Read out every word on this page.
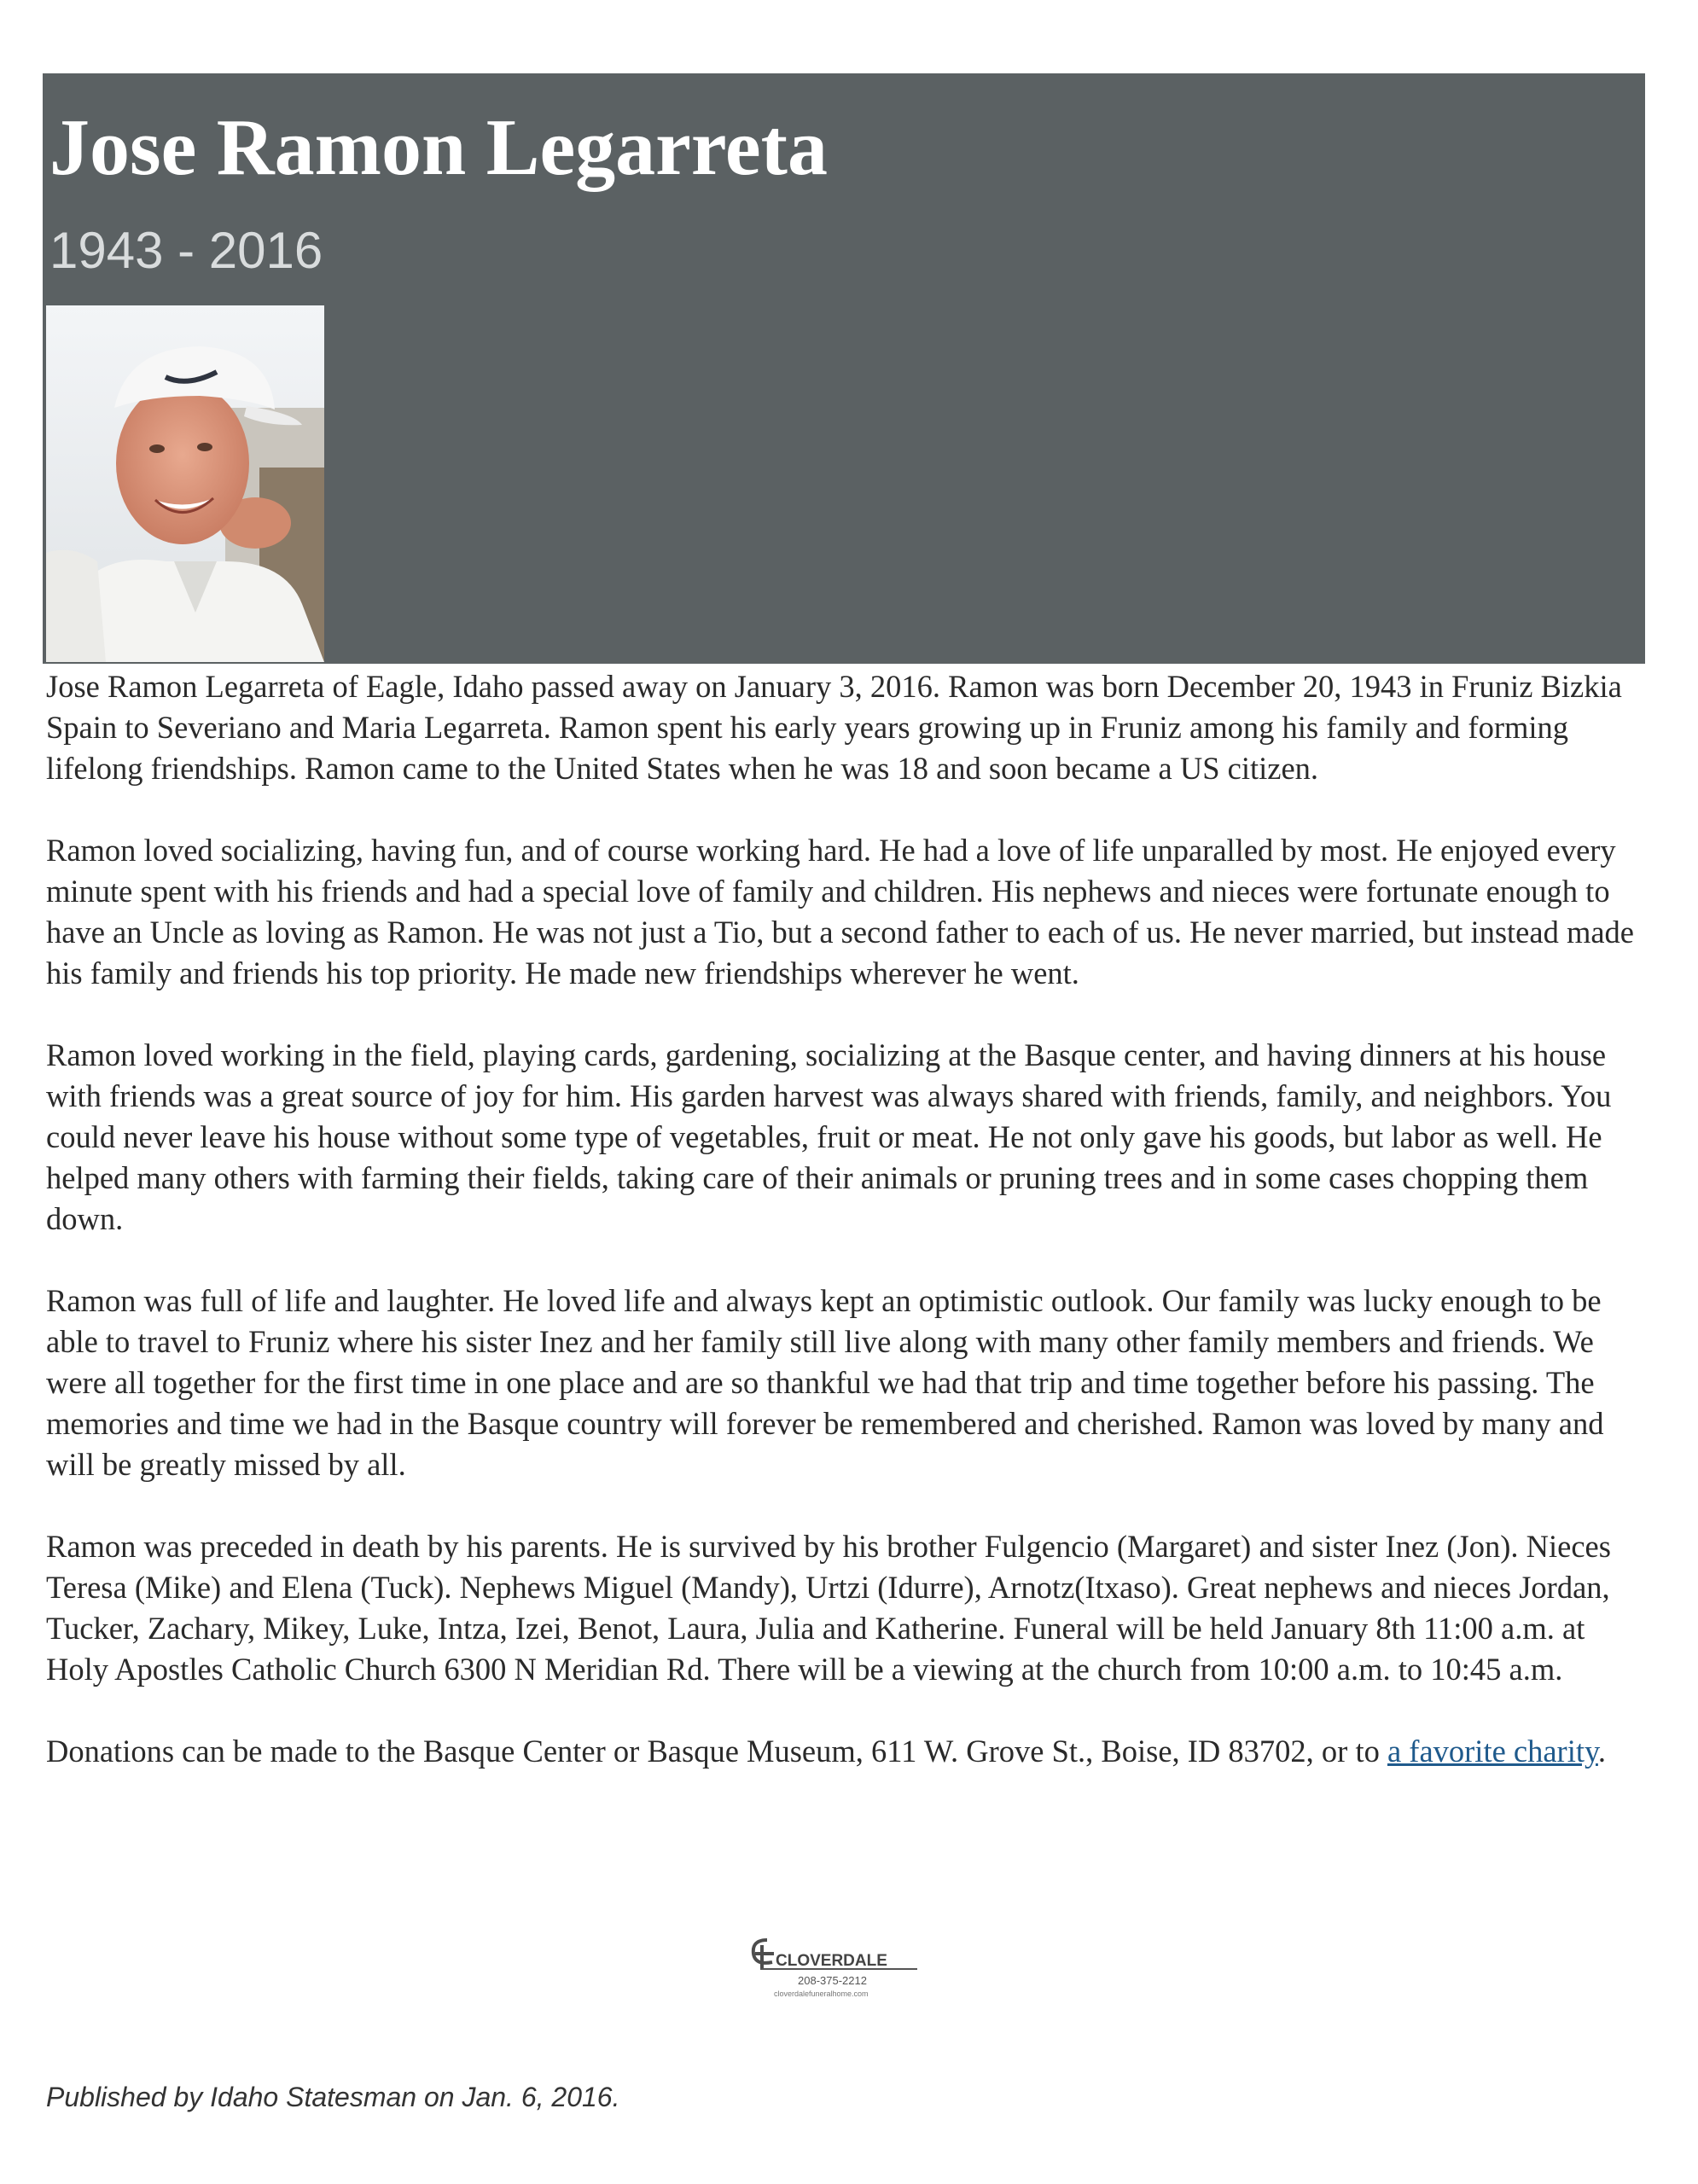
Jose Ramon Legarreta
1943 - 2016

Jose Ramon Legarreta of Eagle, Idaho passed away on January 3, 2016. Ramon was born December 20, 1943 in Fruniz Bizkia Spain to Severiano and Maria Legarreta. Ramon spent his early years growing up in Fruniz among his family and forming lifelong friendships. Ramon came to the United States when he was 18 and soon became a US citizen.

Ramon loved socializing, having fun, and of course working hard. He had a love of life unparalled by most. He enjoyed every minute spent with his friends and had a special love of family and children. His nephews and nieces were fortunate enough to have an Uncle as loving as Ramon. He was not just a Tio, but a second father to each of us. He never married, but instead made his family and friends his top priority. He made new friendships wherever he went.

Ramon loved working in the field, playing cards, gardening, socializing at the Basque center, and having dinners at his house with friends was a great source of joy for him. His garden harvest was always shared with friends, family, and neighbors. You could never leave his house without some type of vegetables, fruit or meat. He not only gave his goods, but labor as well. He helped many others with farming their fields, taking care of their animals or pruning trees and in some cases chopping them down.

Ramon was full of life and laughter. He loved life and always kept an optimistic outlook. Our family was lucky enough to be able to travel to Fruniz where his sister Inez and her family still live along with many other family members and friends. We were all together for the first time in one place and are so thankful we had that trip and time together before his passing. The memories and time we had in the Basque country will forever be remembered and cherished. Ramon was loved by many and will be greatly missed by all.

Ramon was preceded in death by his parents. He is survived by his brother Fulgencio (Margaret) and sister Inez (Jon). Nieces Teresa (Mike) and Elena (Tuck). Nephews Miguel (Mandy), Urtzi (Idurre), Arnotz(Itxaso). Great nephews and nieces Jordan, Tucker, Zachary, Mikey, Luke, Intza, Izei, Benot, Laura, Julia and Katherine. Funeral will be held January 8th 11:00 a.m. at Holy Apostles Catholic Church 6300 N Meridian Rd. There will be a viewing at the church from 10:00 a.m. to 10:45 a.m.

Donations can be made to the Basque Center or Basque Museum, 611 W. Grove St., Boise, ID 83702, or to a favorite charity.

CLOVERDALE
208-375-2212
cloverdalefuneralhome.com
Published by Idaho Statesman on Jan. 6, 2016.
